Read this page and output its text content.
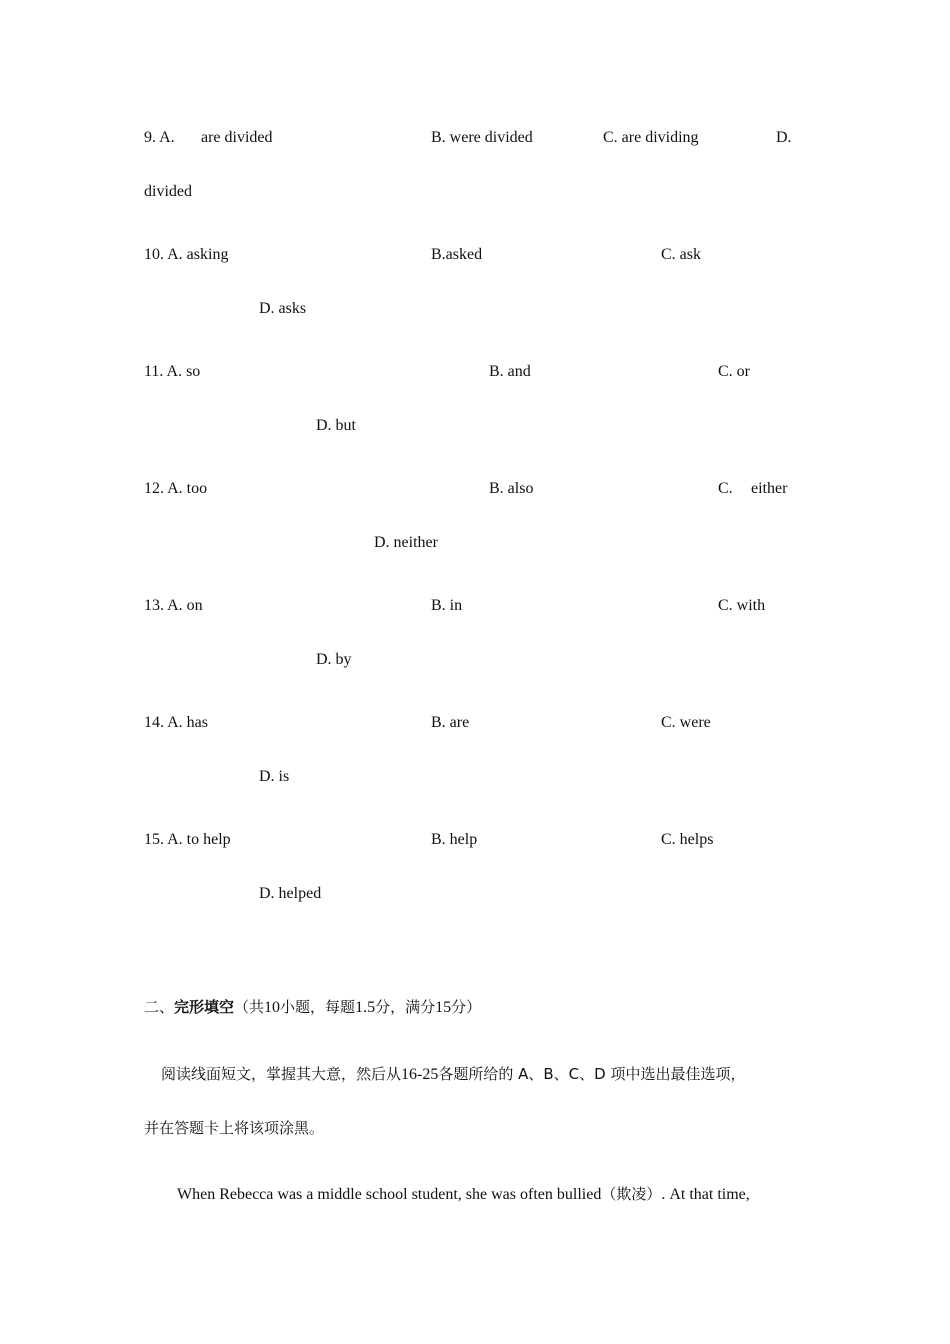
9. A. are divided	B. were divided	C. are dividing	D.
divided
10. A. asking	B.asked	C. ask
D. asks
11. A. so	B. and	C. or
D. but
12. A. too	B. also	C. either
D. neither
13. A. on	B. in	C. with
D. by
14. A. has	B. are	C. were
D. is
15. A. to help	B. help	C. helps
D. helped
二、完形填空（共10小题，每题1.5分，满分15分）
阅读线面短文，掌握其大意，然后从16-25各题所给的 A、B、C、D 项中选出最佳选项，
并在答题卡上将该项涂黑。
When Rebecca was a middle school student, she was often bullied（欺凌）. At that time,
